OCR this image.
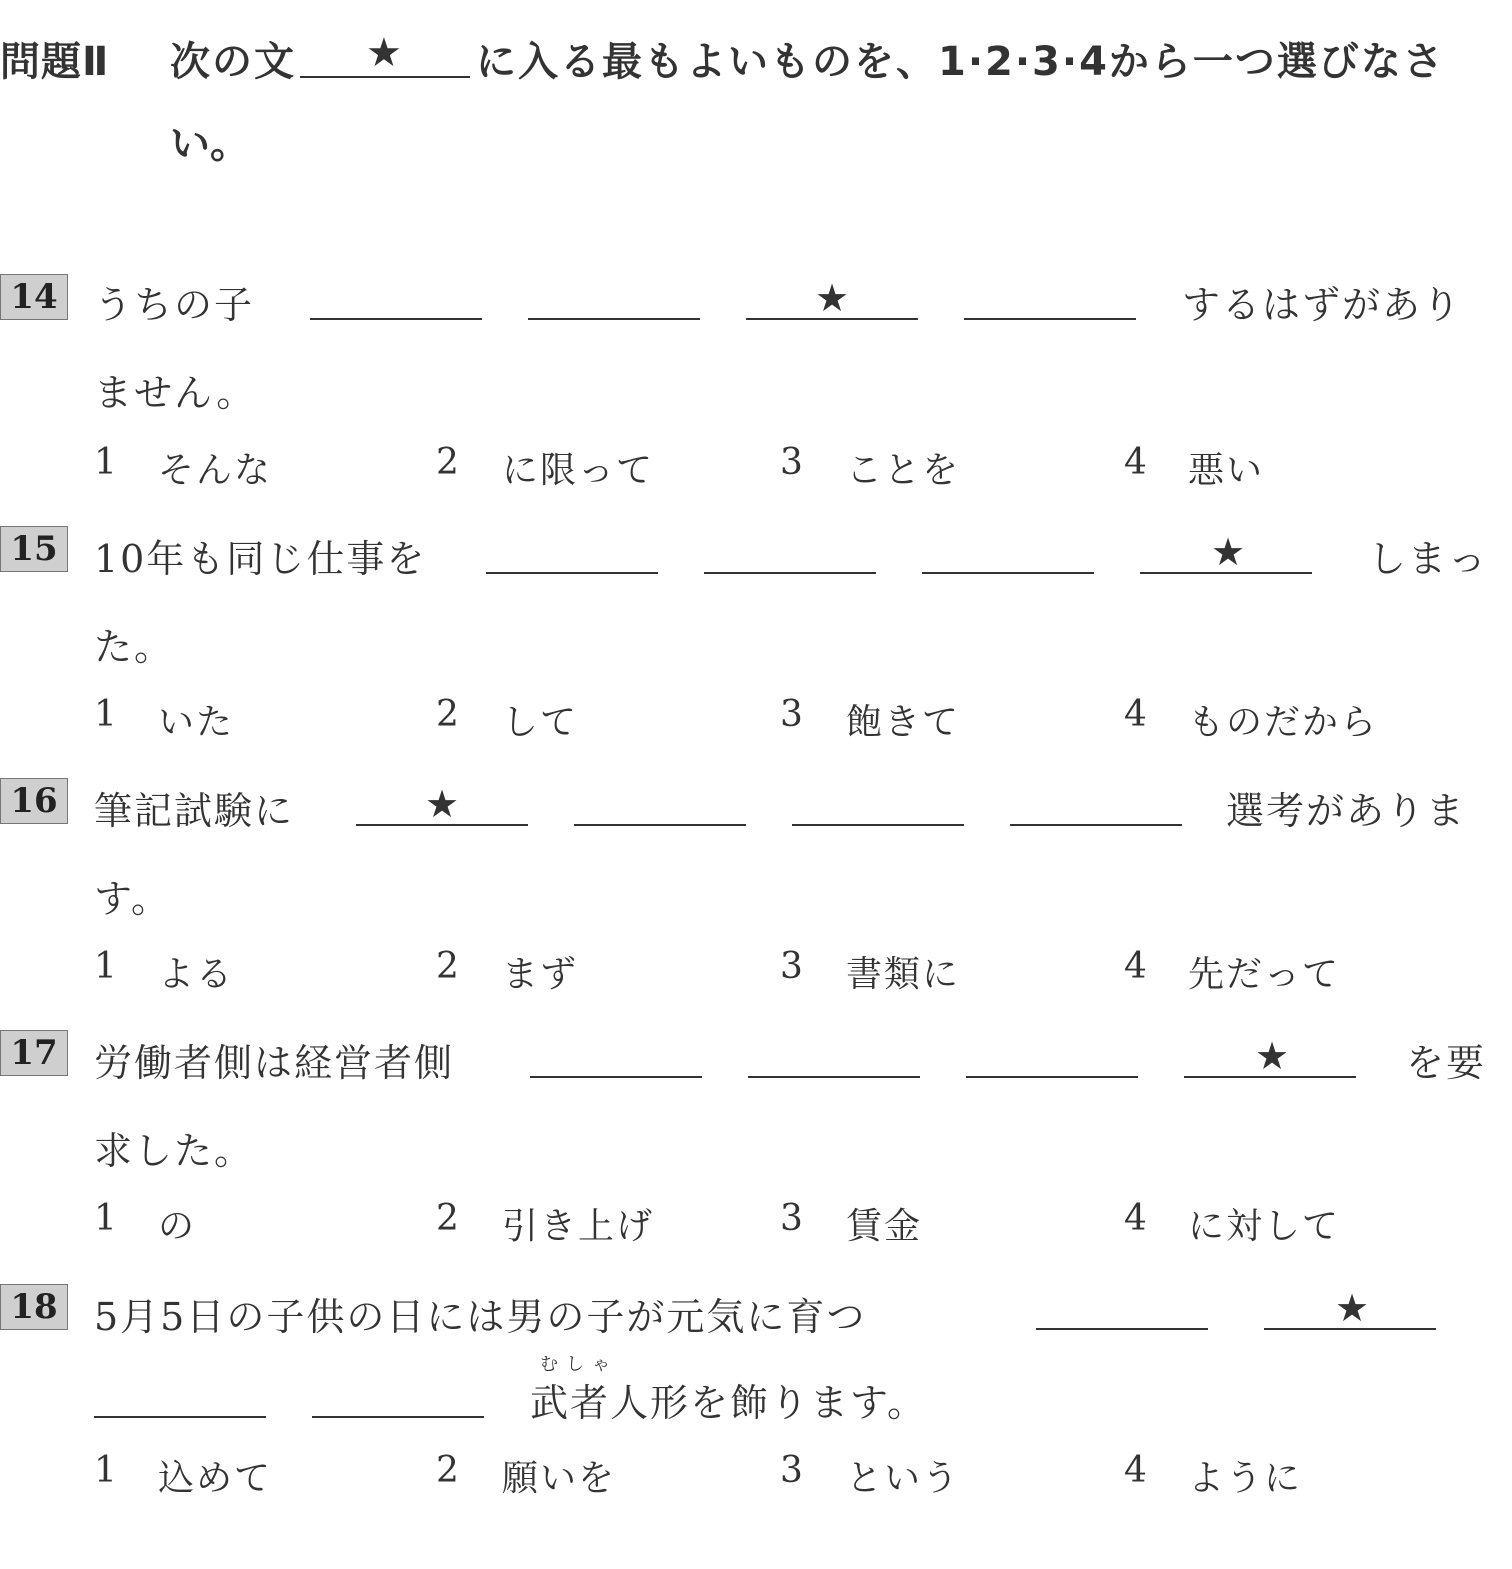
問題Ⅱ 次の文 ★ に入る最もよいものを、1·2·3·4から一つ選びなさ
い。
14 うちの子	★	するはずがあり
ません。
1 そんな	2 に限って	3 ことを	4 悪い
15 10年も同じ仕事を	★	しまっ
た。
1 いた	2 して	3 飽きて	4 ものだから
16 筆記試験に	★	選考がありま
す。
1 よる	2 まず	3 書類に	4 先だって
17 労働者側は経営者側	★	を要
求した。
1 の	2 引き上げ	3 賃金	4 に対して
18 5月5日の子供の日には男の子が元気に育つ	★
むしゃ
武者人形を飾ります。
1 込めて	2 願いを	3 という	4 ように
